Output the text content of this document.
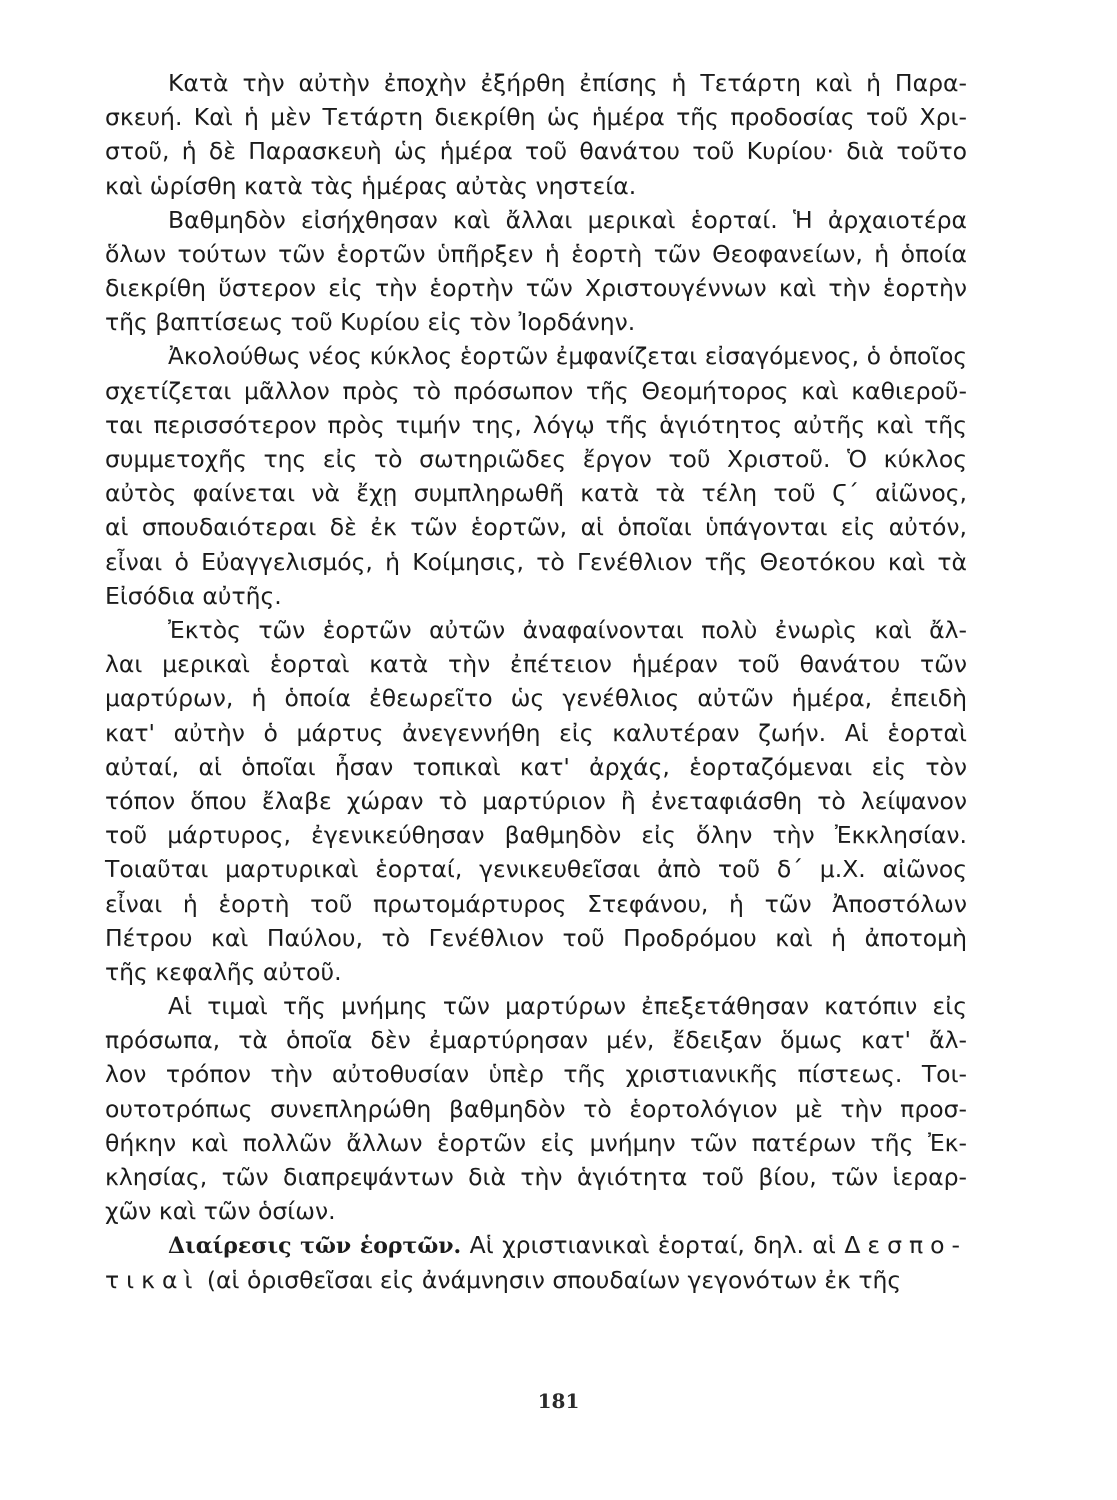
Κατὰ τὴν αὐτὴν ἐποχὴν ἐξήρθη ἐπίσης ἡ Τετάρτη καὶ ἡ Παρα-
σκευή. Καὶ ἡ μὲν Τετάρτη διεκρίθη ὡς ἡμέρα τῆς προδοσίας τοῦ Χρι-
στοῦ, ἡ δὲ Παρασκευὴ ὡς ἡμέρα τοῦ θανάτου τοῦ Κυρίου· διὰ τοῦτο
καὶ ὡρίσθη κατὰ τὰς ἡμέρας αὐτὰς νηστεία.
Βαθμηδὸν εἰσήχθησαν καὶ ἄλλαι μερικαὶ ἑορταί. Ἡ ἀρχαιοτέρα
ὅλων τούτων τῶν ἑορτῶν ὑπῆρξεν ἡ ἑορτὴ τῶν Θεοφανείων, ἡ ὁποία
διεκρίθη ὕστερον εἰς τὴν ἑορτὴν τῶν Χριστουγέννων καὶ τὴν ἑορτὴν
τῆς βαπτίσεως τοῦ Κυρίου εἰς τὸν Ἰορδάνην.
Ἀκολούθως νέος κύκλος ἑορτῶν ἐμφανίζεται εἰσαγόμενος, ὁ ὁποῖος
σχετίζεται μᾶλλον πρὸς τὸ πρόσωπον τῆς Θεομήτορος καὶ καθιεροῦ-
ται περισσότερον πρὸς τιμήν της, λόγῳ τῆς ἁγιότητος αὐτῆς καὶ τῆς
συμμετοχῆς της εἰς τὸ σωτηριῶδες ἔργον τοῦ Χριστοῦ. Ὁ κύκλος
αὐτὸς φαίνεται νὰ ἔχῃ συμπληρωθῆ κατὰ τὰ τέλη τοῦ Ϛ΄ αἰῶνος,
αἱ σπουδαιότεραι δὲ ἐκ τῶν ἑορτῶν, αἱ ὁποῖαι ὑπάγονται εἰς αὐτόν,
εἶναι ὁ Εὐαγγελισμός, ἡ Κοίμησις, τὸ Γενέθλιον τῆς Θεοτόκου καὶ τὰ
Εἰσόδια αὐτῆς.
Ἐκτὸς τῶν ἑορτῶν αὐτῶν ἀναφαίνονται πολὺ ἐνωρὶς καὶ ἄλ-
λαι μερικαὶ ἑορταὶ κατὰ τὴν ἐπέτειον ἡμέραν τοῦ θανάτου τῶν
μαρτύρων, ἡ ὁποία ἐθεωρεῖτο ὡς γενέθλιος αὐτῶν ἡμέρα, ἐπειδὴ
κατ' αὐτὴν ὁ μάρτυς ἀνεγεννήθη εἰς καλυτέραν ζωήν. Αἱ ἑορταὶ
αὐταί, αἱ ὁποῖαι ἦσαν τοπικαὶ κατ' ἀρχάς, ἑορταζόμεναι εἰς τὸν
τόπον ὅπου ἔλαβε χώραν τὸ μαρτύριον ἢ ἐνεταφιάσθη τὸ λείψανον
τοῦ μάρτυρος, ἐγενικεύθησαν βαθμηδὸν εἰς ὅλην τὴν Ἐκκλησίαν.
Τοιαῦται μαρτυρικαὶ ἑορταί, γενικευθεῖσαι ἀπὸ τοῦ δ΄ μ.Χ. αἰῶνος
εἶναι ἡ ἑορτὴ τοῦ πρωτομάρτυρος Στεφάνου, ἡ τῶν Ἀποστόλων
Πέτρου καὶ Παύλου, τὸ Γενέθλιον τοῦ Προδρόμου καὶ ἡ ἀποτομὴ
τῆς κεφαλῆς αὐτοῦ.
Αἱ τιμαὶ τῆς μνήμης τῶν μαρτύρων ἐπεξετάθησαν κατόπιν εἰς
πρόσωπα, τὰ ὁποῖα δὲν ἐμαρτύρησαν μέν, ἔδειξαν ὅμως κατ' ἄλ-
λον τρόπον τὴν αὐτοθυσίαν ὑπὲρ τῆς χριστιανικῆς πίστεως. Τοι-
ουτοτρόπως συνεπληρώθη βαθμηδὸν τὸ ἑορτολόγιον μὲ τὴν προσ-
θήκην καὶ πολλῶν ἄλλων ἑορτῶν εἰς μνήμην τῶν πατέρων τῆς Ἐκ-
κλησίας, τῶν διαπρεψάντων διὰ τὴν ἁγιότητα τοῦ βίου, τῶν ἱεραρ-
χῶν καὶ τῶν ὁσίων.
Διαίρεσις τῶν ἑορτῶν. Αἱ χριστιανικαὶ ἑορταί, δηλ. αἱ Δεσπο-
τικαὶ (αἱ ὁρισθεῖσαι εἰς ἀνάμνησιν σπουδαίων γεγονότων ἐκ τῆς
181
